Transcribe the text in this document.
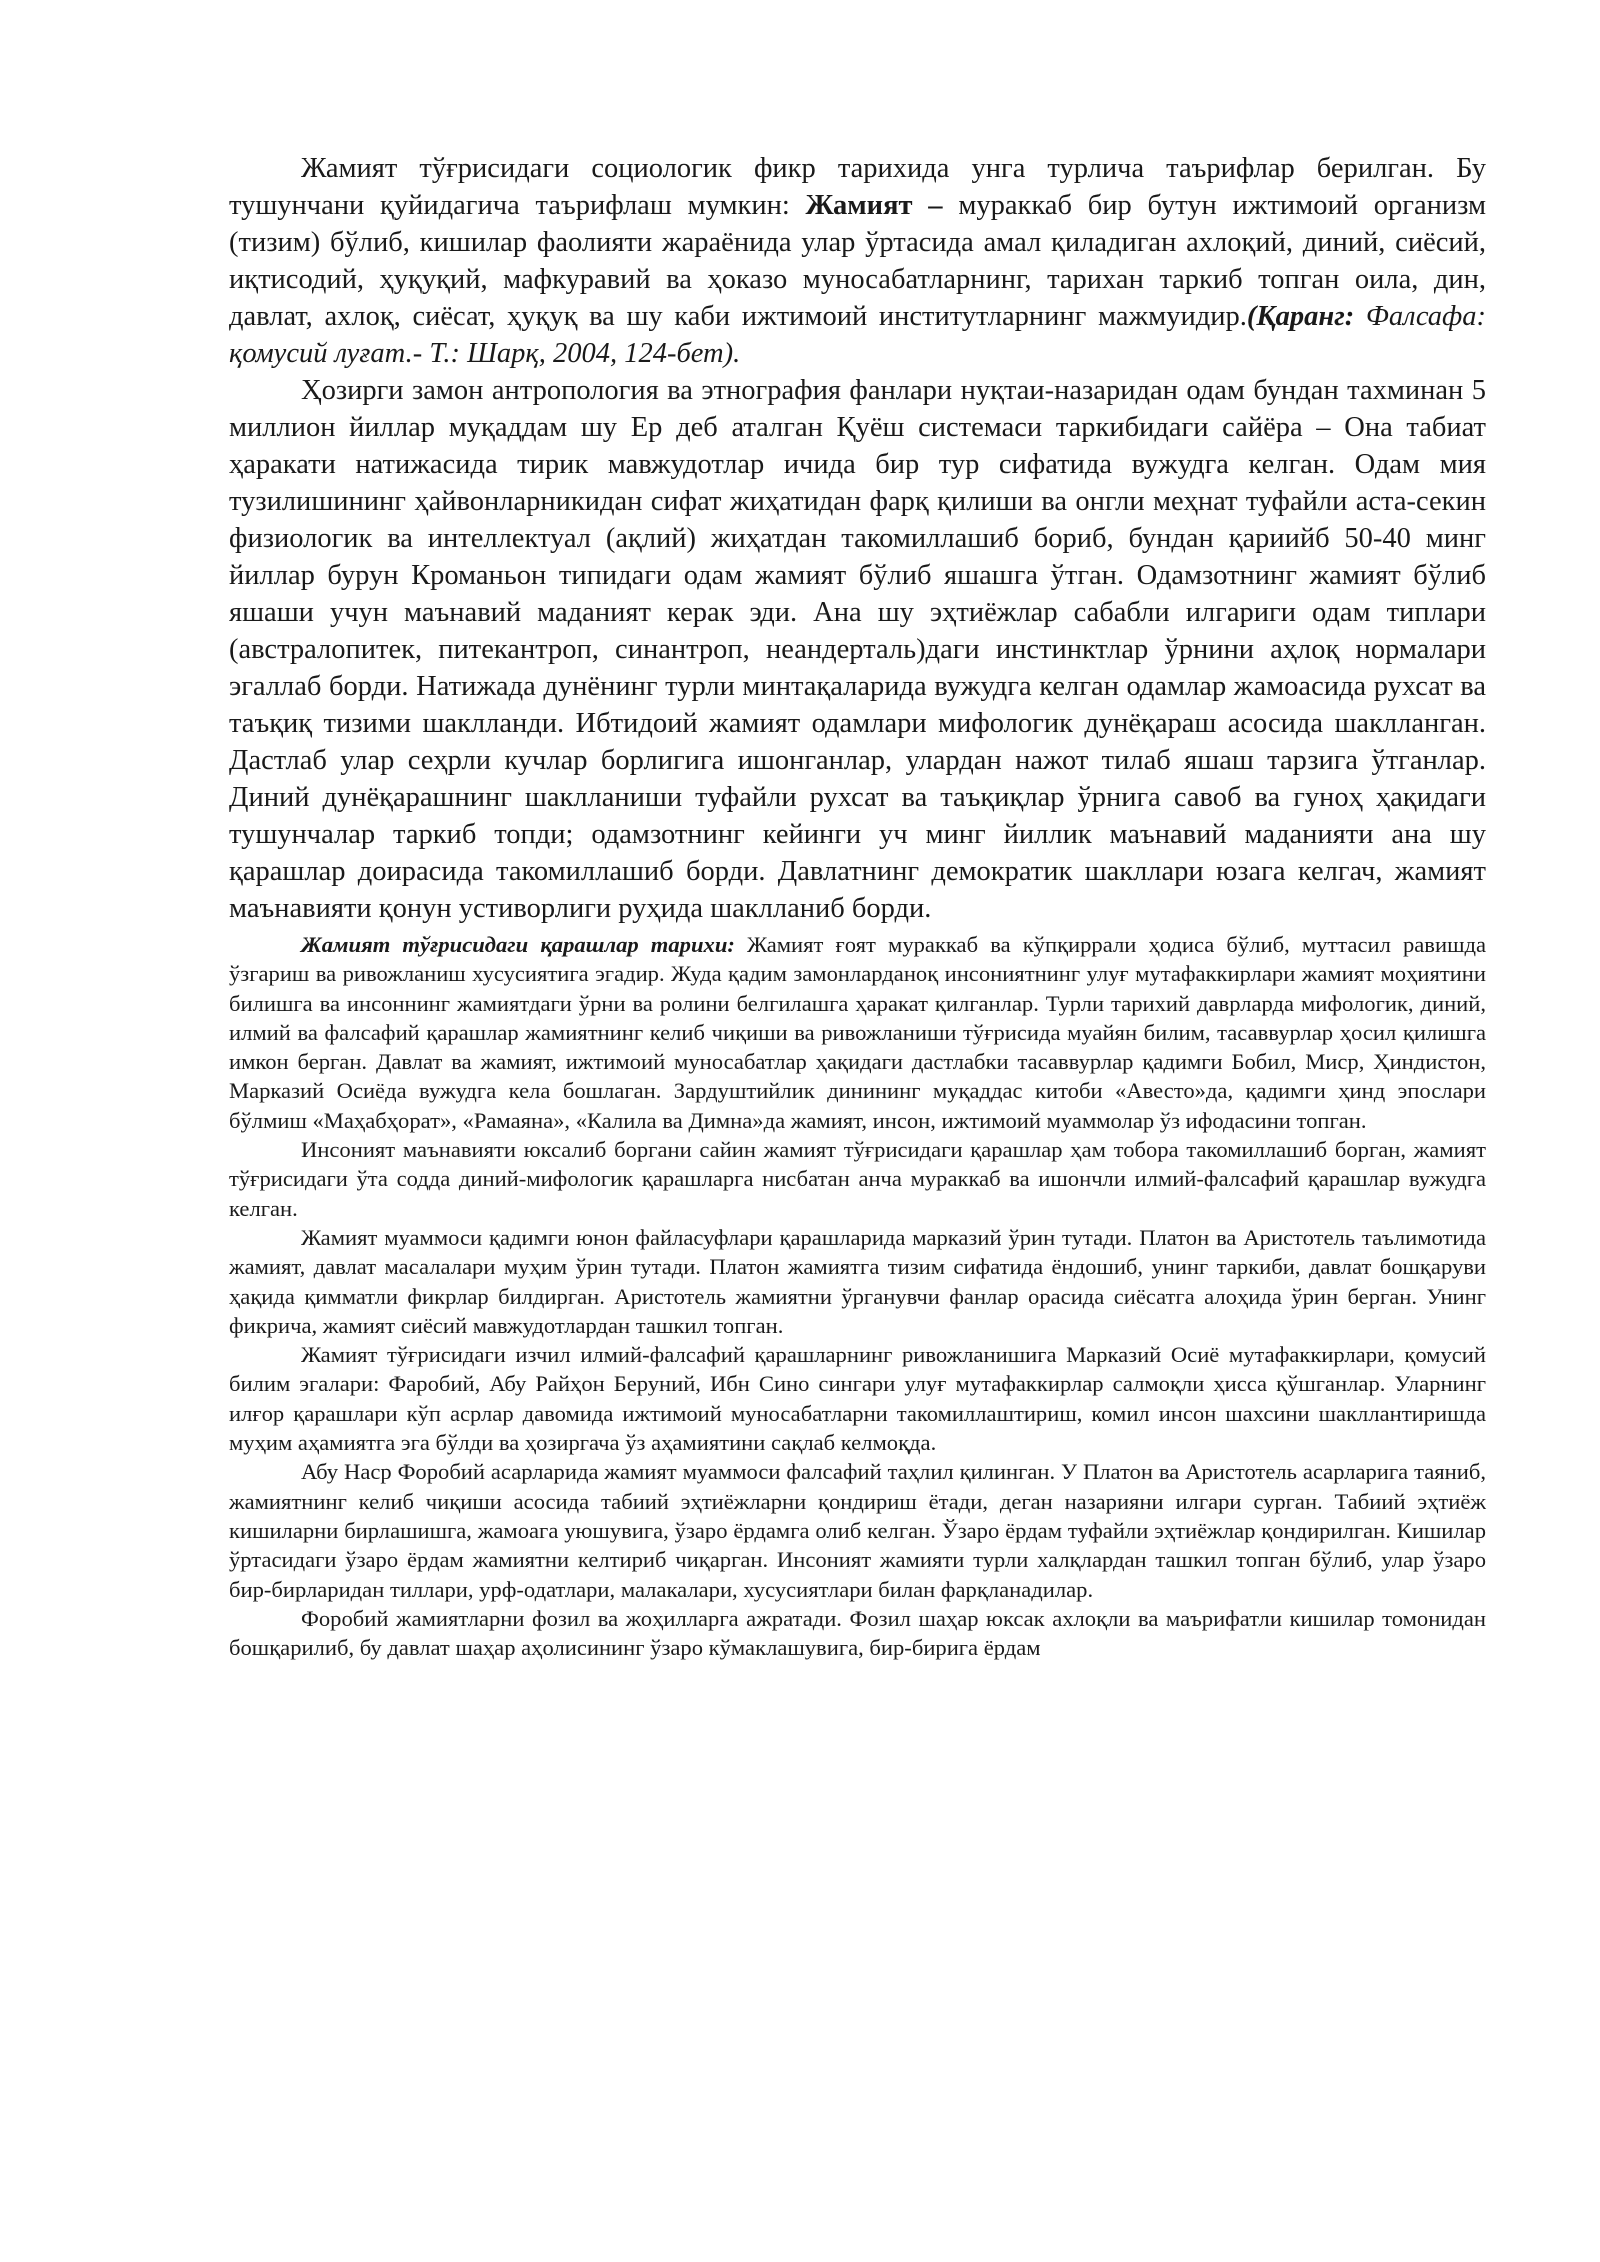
Жамият тўғрисидаги социологик фикр тарихида унга турлича таърифлар берилган. Бу тушунчани қуйидагича таърифлаш мумкин: Жамият – мураккаб бир бутун ижтимоий организм (тизим) бўлиб, кишилар фаолияти жараёнида улар ўртасида амал қиладиган ахлоқий, диний, сиёсий, иқтисодий, ҳуқуқий, мафкуравий ва ҳоказо муносабатларнинг, тарихан таркиб топган оила, дин, давлат, ахлоқ, сиёсат, ҳуқуқ ва шу каби ижтимоий институтларнинг мажмуидир.(Қаранг: Фалсафа: қомусий луғат.- Т.: Шарқ, 2004, 124-бет).

Ҳозирги замон антропология ва этнография фанлари нуқтаи-назаридан одам бундан тахминан 5 миллион йиллар муқаддам шу Ер деб аталган Қуёш системаси таркибидаги сайёра – Она табиат ҳаракати натижасида тирик мавжудотлар ичида бир тур сифатида вужудга келган. Одам мия тузилишининг ҳайвонларникидан сифат жиҳатидан фарқ қилиши ва онгли меҳнат туфайли аста-секин физиологик ва интеллектуал (ақлий) жиҳатдан такомиллашиб бориб, бундан қариийб 50-40 минг йиллар бурун Кроманьон типидаги одам жамият бўлиб яшашга ўтган. Одамзотнинг жамият бўлиб яшаши учун маънавий маданият керак эди. Ана шу эҳтиёжлар сабабли илгариги одам типлари (австралопитек, питекантроп, синантроп, неандерталь)даги инстинктлар ўрнини аҳлоқ нормалари эгаллаб борди. Натижада дунёнинг турли минтақаларида вужудга келган одамлар жамоасида рухсат ва таъқиқ тизими шаклланди. Ибтидоий жамият одамлари мифологик дунёқараш асосида шаклланган. Дастлаб улар сеҳрли кучлар борлигига ишонганлар, улардан нажот тилаб яшаш тарзига ўтганлар. Диний дунёқарашнинг шаклланиши туфайли рухсат ва таъқиқлар ўрнига савоб ва гуноҳ ҳақидаги тушунчалар таркиб топди; одамзотнинг кейинги уч минг йиллик маънавий маданияти ана шу қарашлар доирасида такомиллашиб борди. Давлатнинг демократик шакллари юзага келгач, жамият маънавияти қонун устиворлиги руҳида шаклланиб борди.

Жамият тўғрисидаги қарашлар тарихи: Жамият ғоят мураккаб ва кўпқиррали ҳодиса бўлиб, муттасил равишда ўзгариш ва ривожланиш хусусиятига эгадир. Жуда қадим замонларданоқ инсониятнинг улуғ мутафаккирлари жамият моҳиятини билишга ва инсоннинг жамиятдаги ўрни ва ролини белгилашга ҳаракат қилганлар. Турли тарихий даврларда мифологик, диний, илмий ва фалсафий қарашлар жамиятнинг келиб чиқиши ва ривожланиши тўғрисида муайян билим, тасаввурлар ҳосил қилишга имкон берган. Давлат ва жамият, ижтимоий муносабатлар ҳақидаги дастлабки тасаввурлар қадимги Бобил, Миср, Ҳиндистон, Марказий Осиёда вужудга кела бошлаган. Зардуштийлик динининг муқаддас китоби «Авесто»да, қадимги ҳинд эпослари бўлмиш «Маҳабҳорат», «Рамаяна», «Калила ва Димна»да жамият, инсон, ижтимоий муаммолар ўз ифодасини топган.

Инсоният маънавияти юксалиб боргани сайин жамият тўғрисидаги қарашлар ҳам тобора такомиллашиб борган, жамият тўғрисидаги ўта содда диний-мифологик қарашларга нисбатан анча мураккаб ва ишончли илмий-фалсафий қарашлар вужудга келган.

Жамият муаммоси қадимги юнон файласуфлари қарашларида марказий ўрин тутади. Платон ва Аристотель таълимотида жамият, давлат масалалари муҳим ўрин тутади. Платон жамиятга тизим сифатида ёндошиб, унинг таркиби, давлат бошқаруви ҳақида қимматли фикрлар билдирган. Аристотель жамиятни ўрганувчи фанлар орасида сиёсатга алоҳида ўрин берган. Унинг фикрича, жамият сиёсий мавжудотлардан ташкил топган.

Жамият тўғрисидаги изчил илмий-фалсафий қарашларнинг ривожланишига Марказий Осиё мутафаккирлари, қомусий билим эгалари: Фаробий, Абу Райҳон Беруний, Ибн Сино сингари улуғ мутафаккирлар салмоқли ҳисса қўшганлар. Уларнинг илғор қарашлари кўп асрлар давомида ижтимоий муносабатларни такомиллаштириш, комил инсон шахсини шакллантиришда муҳим аҳамиятга эга бўлди ва ҳозиргача ўз аҳамиятини сақлаб келмоқда.

Абу Наср Форобий асарларида жамият муаммоси фалсафий таҳлил қилинган. У Платон ва Аристотель асарларига таяниб, жамиятнинг келиб чиқиши асосида табиий эҳтиёжларни қондириш ётади, деган назарияни илгари сурган. Табиий эҳтиёж кишиларни бирлашишга, жамоага уюшувига, ўзаро ёрдамга олиб келган. Ўзаро ёрдам туфайли эҳтиёжлар қондирилган. Кишилар ўртасидаги ўзаро ёрдам жамиятни келтириб чиқарган. Инсоният жамияти турли халқлардан ташкил топган бўлиб, улар ўзаро бир-бирларидан тиллари, урф-одатлари, малакалари, хусусиятлари билан фарқланадилар.

Форобий жамиятларни фозил ва жоҳилларга ажратади. Фозил шаҳар юксак ахлоқли ва маърифатли кишилар томонидан бошқарилиб, бу давлат шаҳар аҳолисининг ўзаро кўмаклашувига, бир-бирига ёрдам
